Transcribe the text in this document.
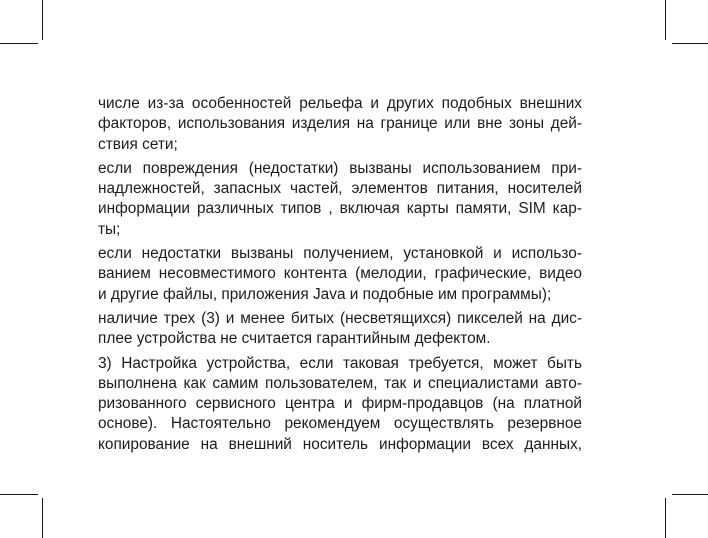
числе из-за особенностей рельефа и других подобных внешних
факторов, использования изделия на границе или вне зоны дей-
ствия сети;

если повреждения (недостатки) вызваны использованием при-
надлежностей, запасных частей, элементов питания, носителей
информации различных типов , включая карты памяти, SIM кар-
ты;

если недостатки вызваны получением, установкой и использо-
ванием несовместимого контента (мелодии, графические, видео
и другие файлы, приложения Java и подобные им программы);

наличие трех (3) и менее битых (несветящихся) пикселей на дис-
плее устройства не считается гарантийным дефектом.

3) Настройка устройства, если таковая требуется, может быть
выполнена как самим пользователем, так и специалистами авто-
ризованного сервисного центра и фирм-продавцов (на платной
основе). Настоятельно рекомендуем осуществлять резервное
копирование на внешний носитель информации всех данных,
